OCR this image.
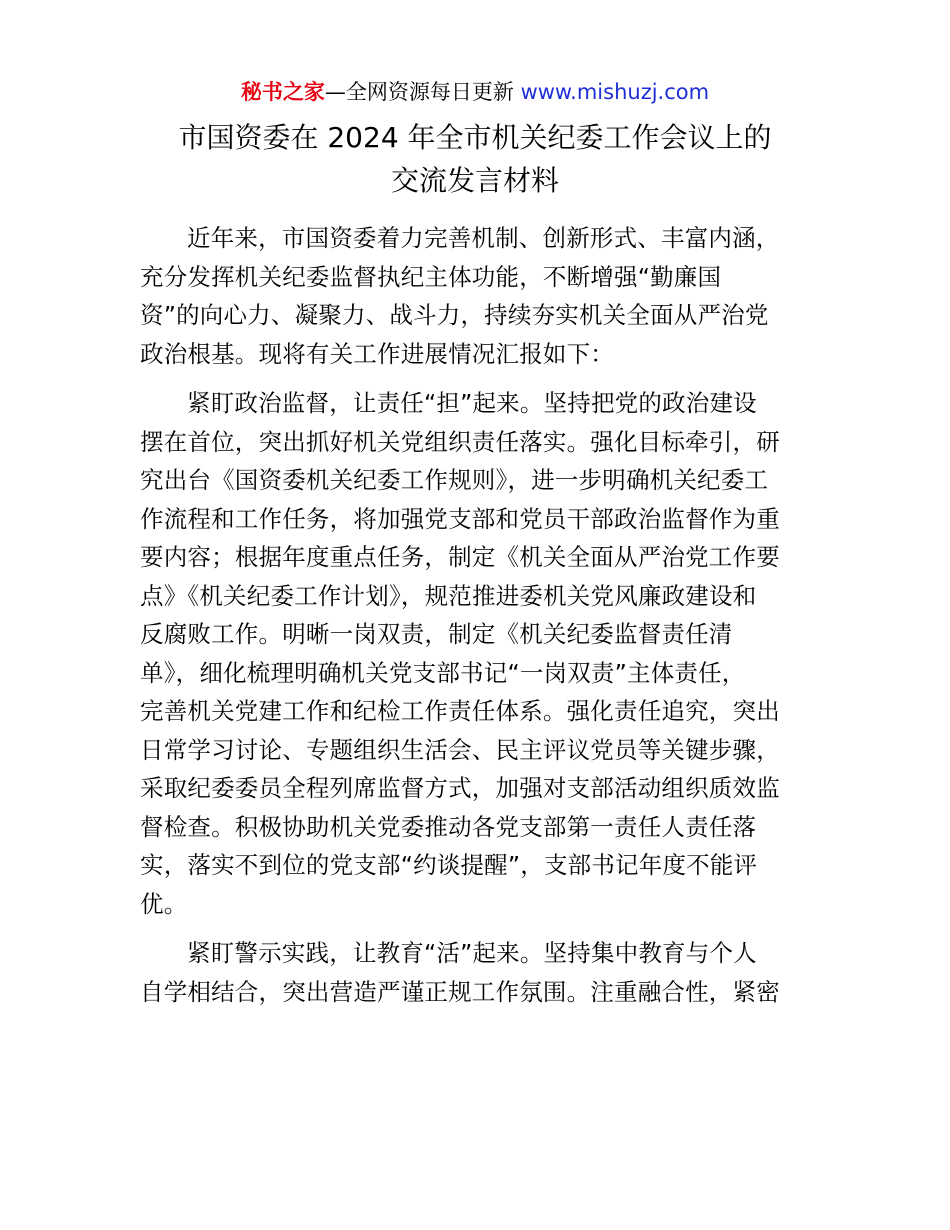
秘书之家—全网资源每日更新 www.mishuzj.com
市国资委在 2024 年全市机关纪委工作会议上的
交流发言材料
近年来，市国资委着力完善机制、创新形式、丰富内涵，
充分发挥机关纪委监督执纪主体功能，不断增强“勤廉国
资”的向心力、凝聚力、战斗力，持续夯实机关全面从严治党
政治根基。现将有关工作进展情况汇报如下：
紧盯政治监督，让责任“担”起来。坚持把党的政治建设
摆在首位，突出抓好机关党组织责任落实。强化目标牵引，研
究出台《国资委机关纪委工作规则》，进一步明确机关纪委工
作流程和工作任务，将加强党支部和党员干部政治监督作为重
要内容；根据年度重点任务，制定《机关全面从严治党工作要
点》《机关纪委工作计划》，规范推进委机关党风廉政建设和
反腐败工作。明晰一岗双责，制定《机关纪委监督责任清
单》，细化梳理明确机关党支部书记“一岗双责”主体责任，
完善机关党建工作和纪检工作责任体系。强化责任追究，突出
日常学习讨论、专题组织生活会、民主评议党员等关键步骤，
采取纪委委员全程列席监督方式，加强对支部活动组织质效监
督检查。积极协助机关党委推动各党支部第一责任人责任落
实，落实不到位的党支部“约谈提醒”，支部书记年度不能评
优。
紧盯警示实践，让教育“活”起来。坚持集中教育与个人
自学相结合，突出营造严谨正规工作氛围。注重融合性，紧密
